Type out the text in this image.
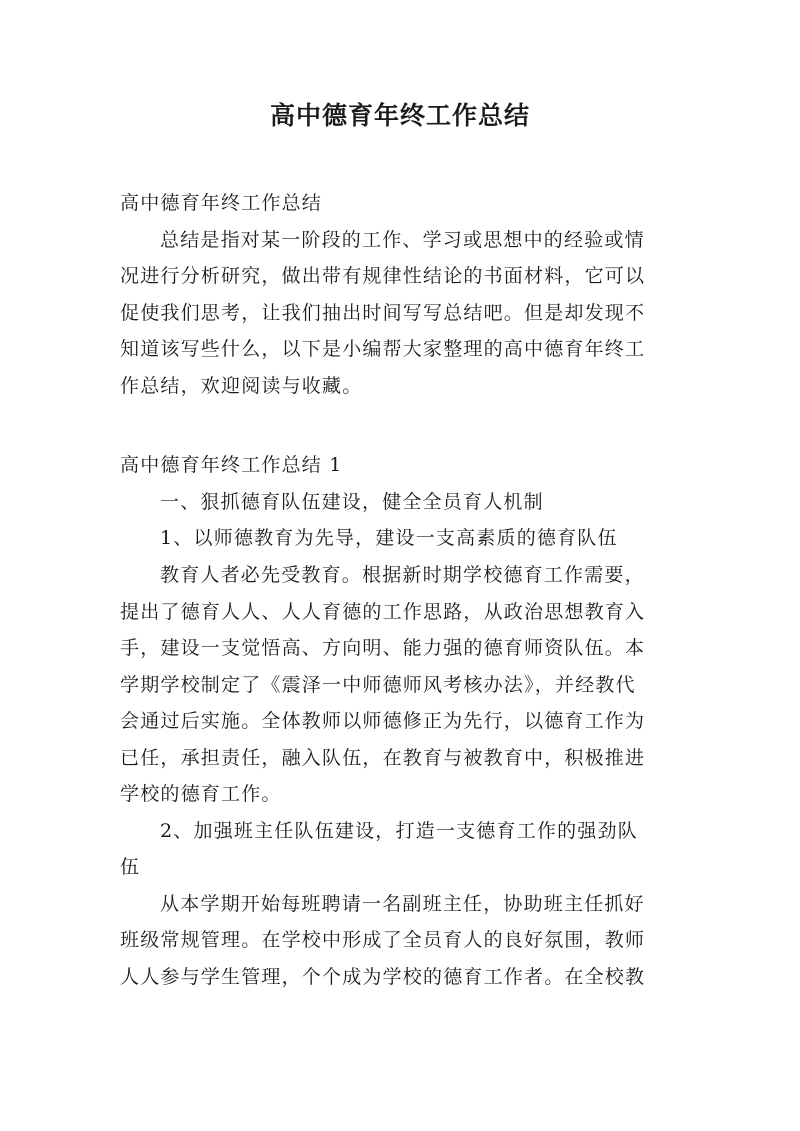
高中德育年终工作总结
高中德育年终工作总结
总结是指对某一阶段的工作、学习或思想中的经验或情
况进行分析研究，做出带有规律性结论的书面材料，它可以
促使我们思考，让我们抽出时间写写总结吧。但是却发现不
知道该写些什么，以下是小编帮大家整理的高中德育年终工
作总结，欢迎阅读与收藏。
高中德育年终工作总结 1
一、狠抓德育队伍建设，健全全员育人机制
1、以师德教育为先导，建设一支高素质的德育队伍
教育人者必先受教育。根据新时期学校德育工作需要，
提出了德育人人、人人育德的工作思路，从政治思想教育入
手，建设一支觉悟高、方向明、能力强的德育师资队伍。本
学期学校制定了《震泽一中师德师风考核办法》，并经教代
会通过后实施。全体教师以师德修正为先行，以德育工作为
已任，承担责任，融入队伍，在教育与被教育中，积极推进
学校的德育工作。
2、加强班主任队伍建设，打造一支德育工作的强劲队
伍
从本学期开始每班聘请一名副班主任，协助班主任抓好
班级常规管理。在学校中形成了全员育人的良好氛围，教师
人人参与学生管理，个个成为学校的德育工作者。在全校教
